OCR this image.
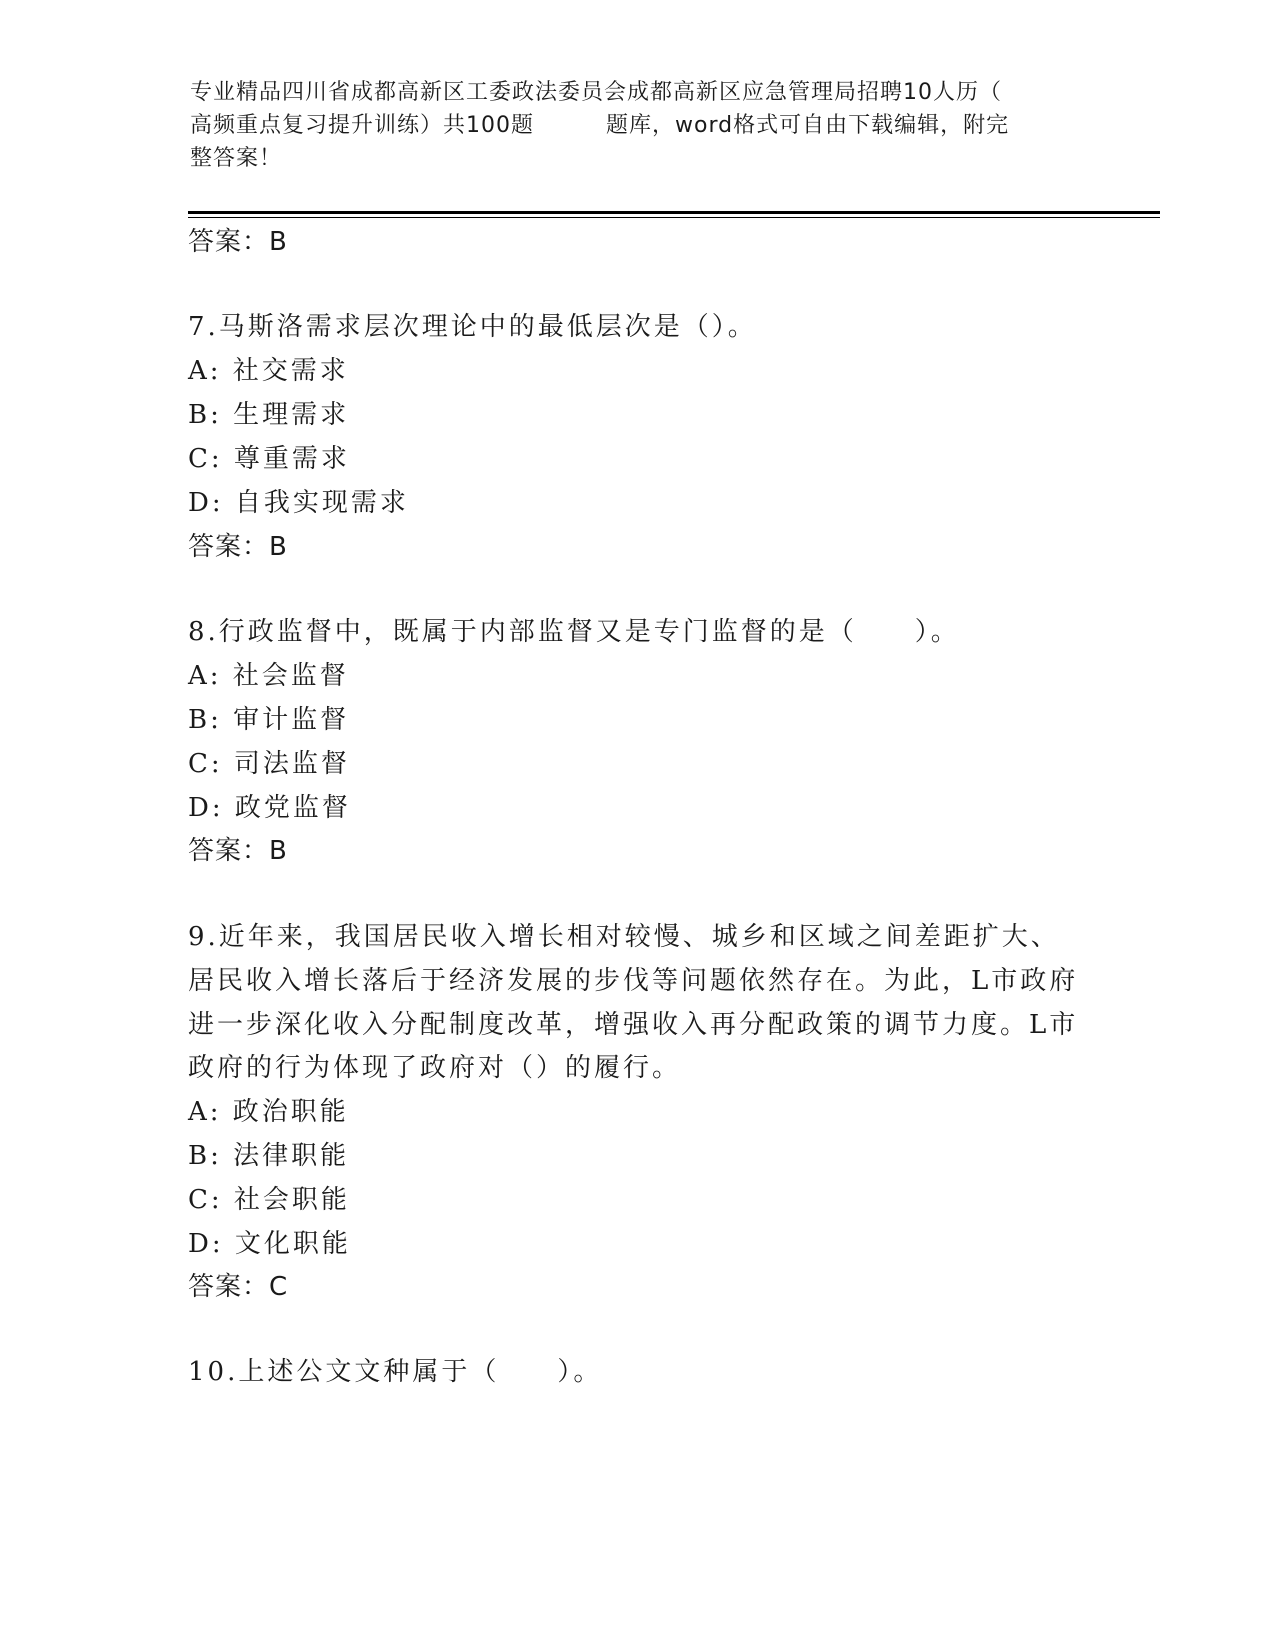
专业精品四川省成都高新区工委政法委员会成都高新区应急管理局招聘10人历（
高频重点复习提升训练）共100题	题库，word格式可自由下载编辑，附完
整答案！
答案：B
7.马斯洛需求层次理论中的最低层次是（）。
A: 社交需求
B: 生理需求
C: 尊重需求
D: 自我实现需求
答案：B
8.行政监督中，既属于内部监督又是专门监督的是（　　）。
A: 社会监督
B: 审计监督
C: 司法监督
D: 政党监督
答案：B
9.近年来，我国居民收入增长相对较慢、城乡和区域之间差距扩大、
居民收入增长落后于经济发展的步伐等问题依然存在。为此，L市政府
进一步深化收入分配制度改革，增强收入再分配政策的调节力度。L市
政府的行为体现了政府对（）的履行。
A: 政治职能
B: 法律职能
C: 社会职能
D: 文化职能
答案：C
10.上述公文文种属于（　　）。
